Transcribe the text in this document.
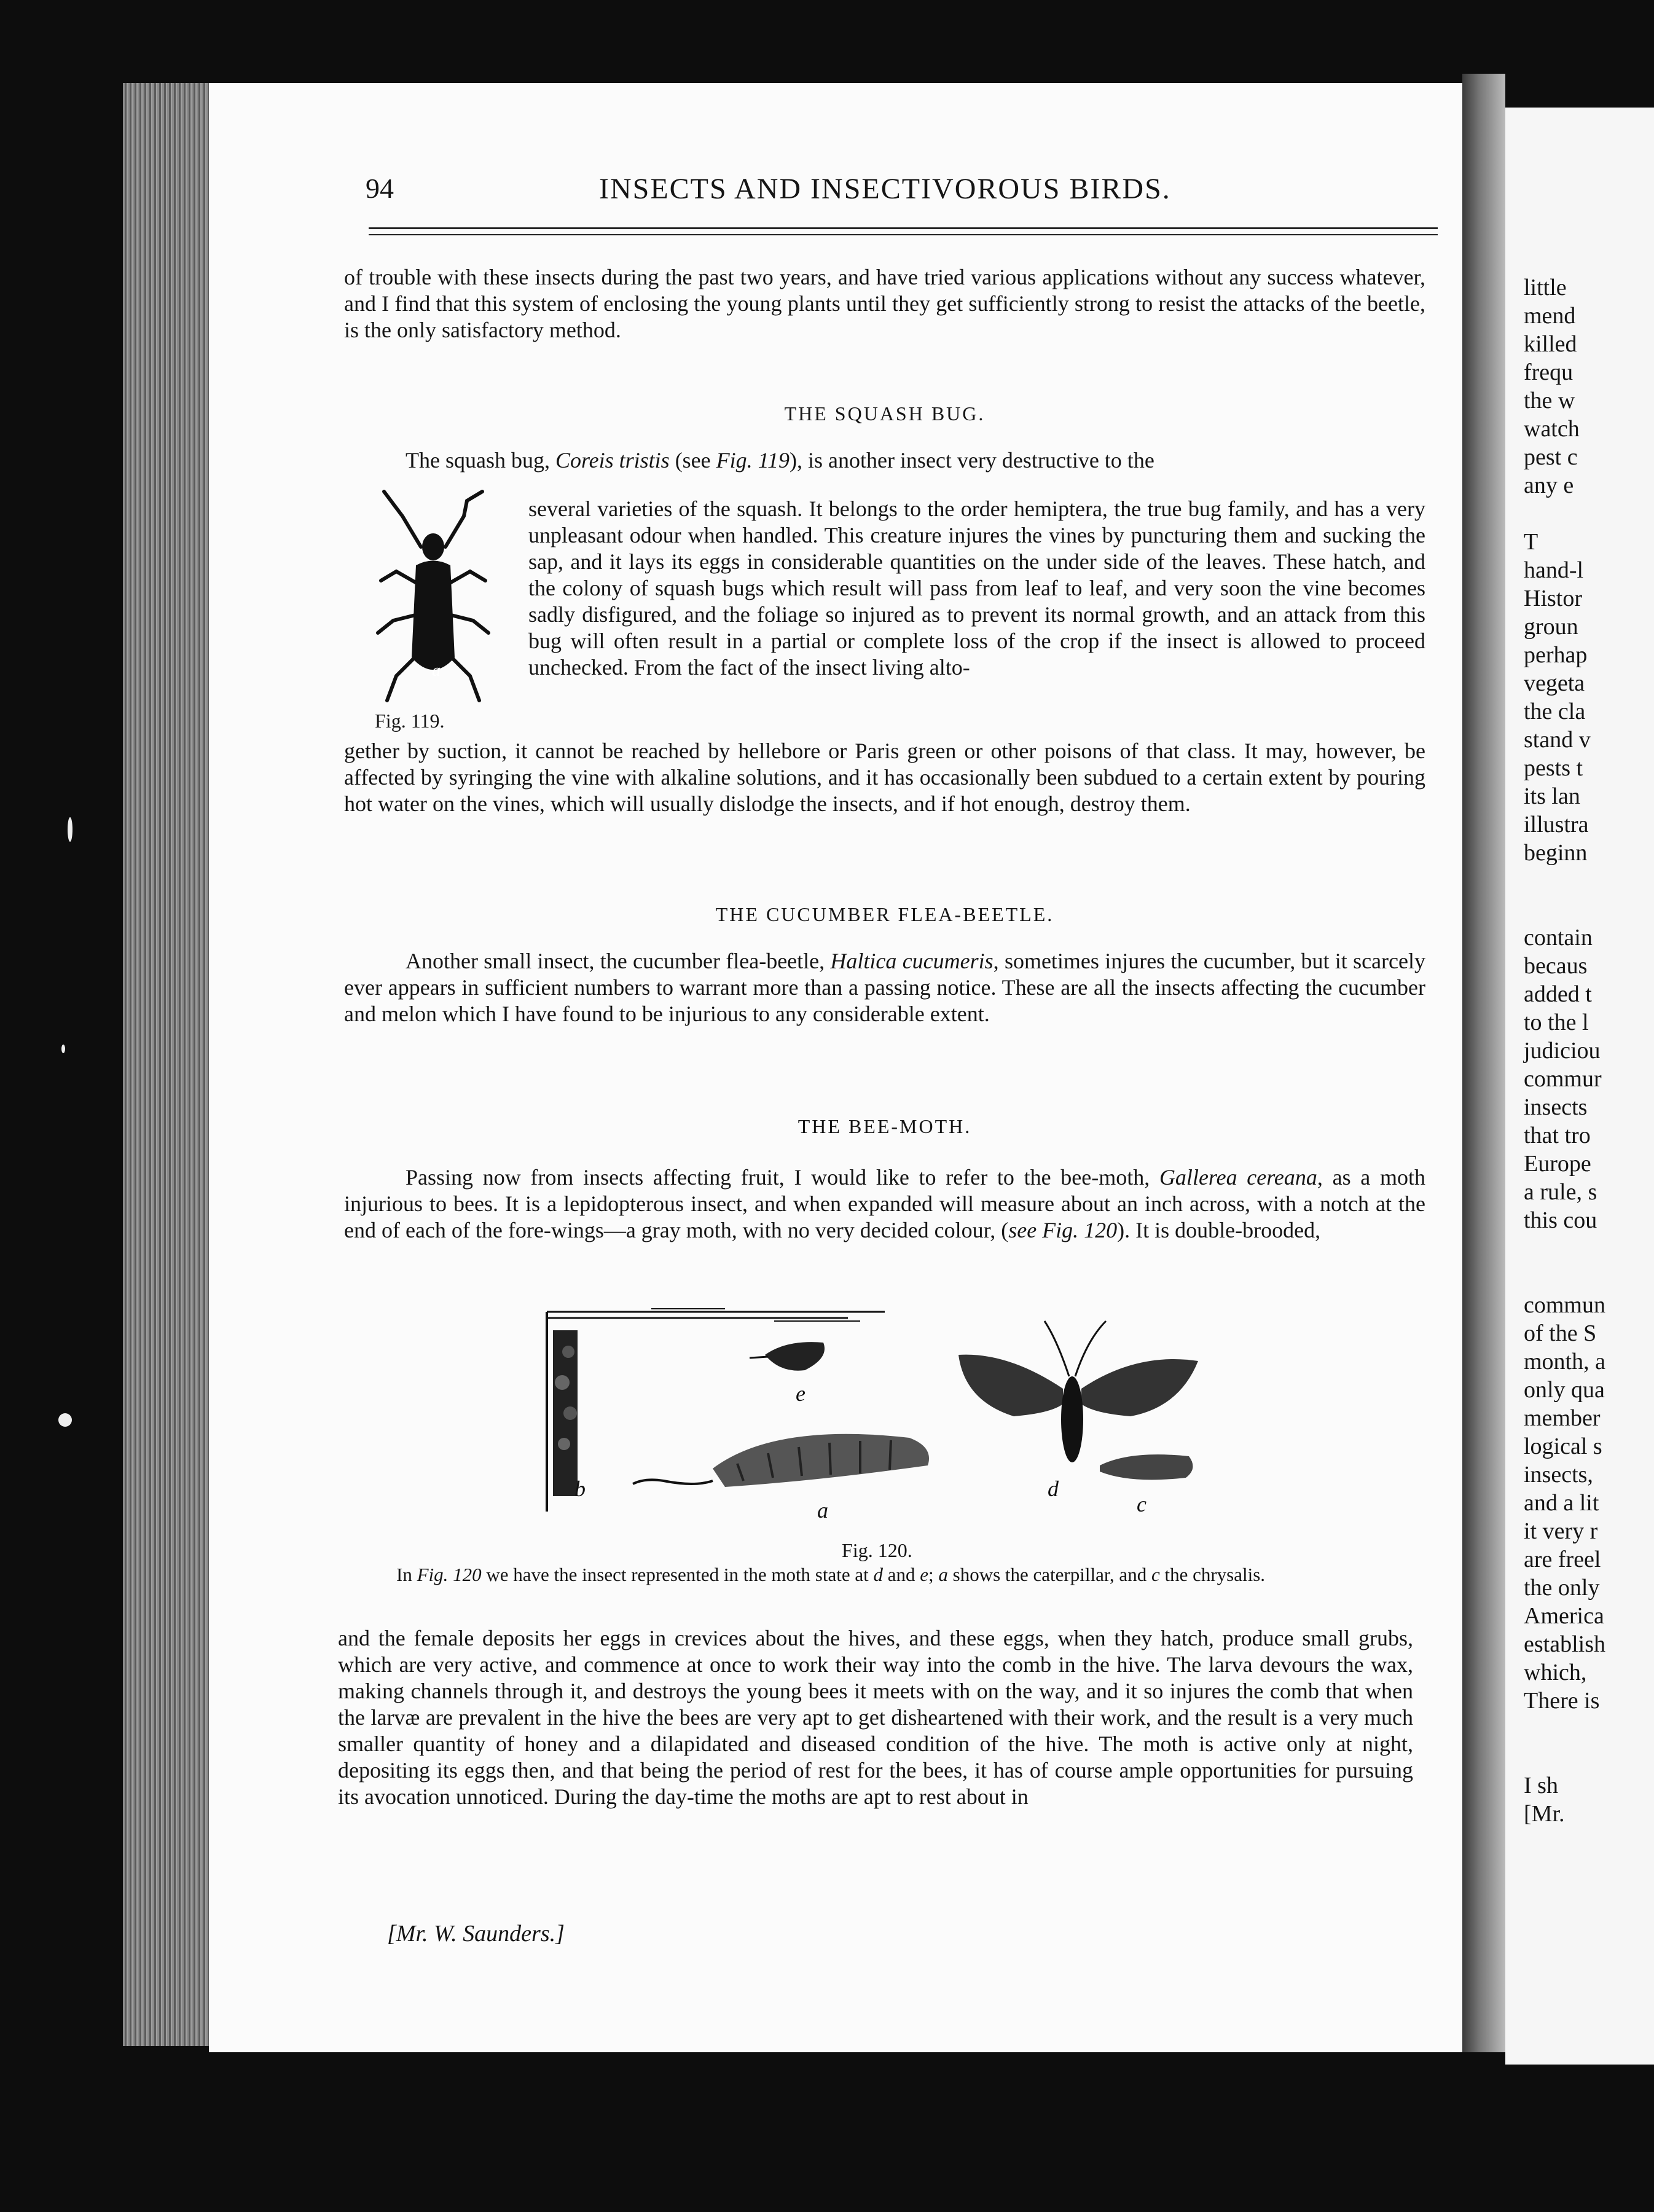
little
mend
killed
frequ
the w
watch
pest c
any e
T
hand-l
Histor
groun
perhap
vegeta
the cla
stand v
pests t
its lan
illustra
beginn
contain
becaus
added t
to the l
judiciou
commur
insects
that tro
Europe
a rule, s
this cou
commun
of the S
month, a
only qua
member
logical s
insects,
and a lit
it very r
are freel
the only
America
establish
which,
There is
I sh
[Mr.
94	INSECTS AND INSECTIVOROUS BIRDS.

of trouble with these insects during the past two years, and have tried various applications without any success whatever, and I find that this system of enclosing the young plants until they get sufficiently strong to resist the attacks of the beetle, is the only satisfactory method.

THE SQUASH BUG.

The squash bug, Coreis tristis (see Fig. 119), is another insect very destructive to the

a
Fig. 119.

several varieties of the squash. It belongs to the order hemiptera, the true bug family, and has a very unpleasant odour when handled. This creature injures the vines by puncturing them and sucking the sap, and it lays its eggs in considerable quantities on the under side of the leaves. These hatch, and the colony of squash bugs which result will pass from leaf to leaf, and very soon the vine becomes sadly disfigured, and the foliage so injured as to prevent its normal growth, and an attack from this bug will often result in a partial or complete loss of the crop if the insect is allowed to proceed unchecked. From the fact of the insect living alto-

gether by suction, it cannot be reached by hellebore or Paris green or other poisons of that class. It may, however, be affected by syringing the vine with alkaline solutions, and it has occasionally been subdued to a certain extent by pouring hot water on the vines, which will usually dislodge the insects, and if hot enough, destroy them.

THE CUCUMBER FLEA-BEETLE.

Another small insect, the cucumber flea-beetle, Haltica cucumeris, sometimes injures the cucumber, but it scarcely ever appears in sufficient numbers to warrant more than a passing notice. These are all the insects affecting the cucumber and melon which I have found to be injurious to any considerable extent.

THE BEE-MOTH.

Passing now from insects affecting fruit, I would like to refer to the bee-moth, Gallerea cereana, as a moth injurious to bees. It is a lepidopterous insect, and when expanded will measure about an inch across, with a notch at the end of each of the fore-wings—a gray moth, with no very decided colour, (see Fig. 120). It is double-brooded,

b
e
d
a	c
Fig. 120.
In Fig. 120 we have the insect represented in the moth state at d and e; a shows the caterpillar, and c the chrysalis.

and the female deposits her eggs in crevices about the hives, and these eggs, when they hatch, produce small grubs, which are very active, and commence at once to work their way into the comb in the hive. The larva devours the wax, making channels through it, and destroys the young bees it meets with on the way, and it so injures the comb that when the larvæ are prevalent in the hive the bees are very apt to get disheartened with their work, and the result is a very much smaller quantity of honey and a dilapidated and diseased condition of the hive. The moth is active only at night, depositing its eggs then, and that being the period of rest for the bees, it has of course ample opportunities for pursuing its avocation unnoticed. During the day-time the moths are apt to rest about in

[Mr. W. Saunders.]
